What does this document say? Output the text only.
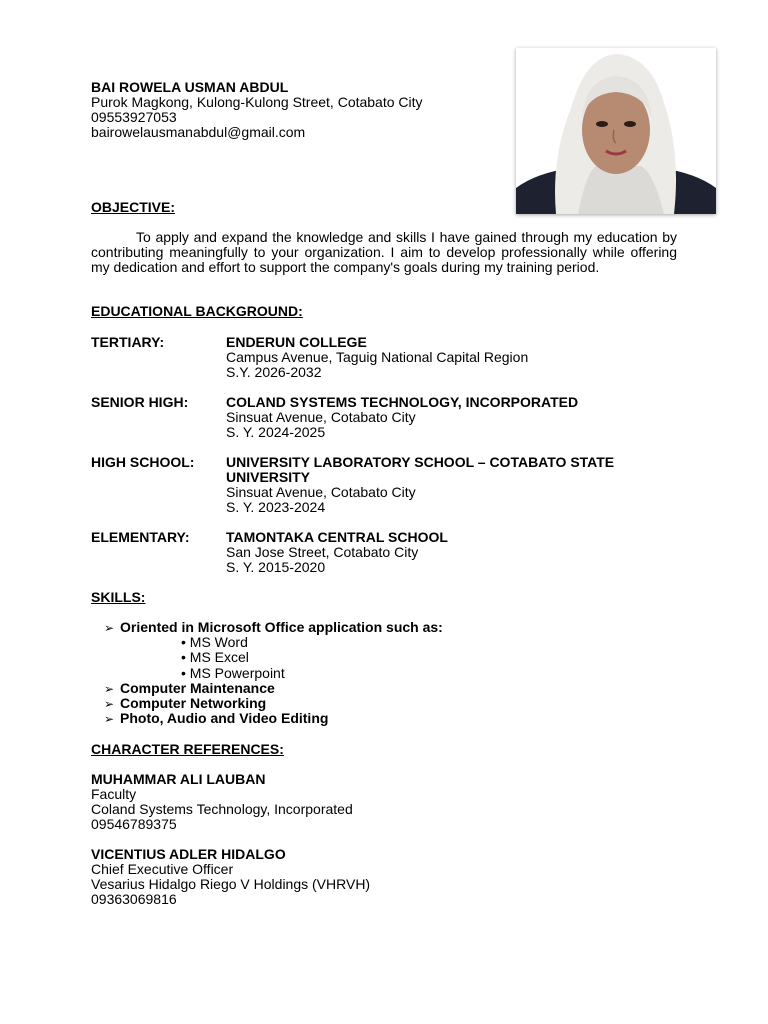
BAI ROWELA USMAN ABDUL
Purok Magkong, Kulong-Kulong Street, Cotabato City
09553927053
bairowelausmanabdul@gmail.com
OBJECTIVE:
To apply and expand the knowledge and skills I have gained through my education by contributing meaningfully to your organization. I aim to develop professionally while offering my dedication and effort to support the company's goals during my training period.
EDUCATIONAL BACKGROUND:
TERTIARY:	ENDERUN COLLEGE
Campus Avenue, Taguig National Capital Region
S.Y. 2026-2032
SENIOR HIGH:	COLAND SYSTEMS TECHNOLOGY, INCORPORATED
Sinsuat Avenue, Cotabato City
S. Y. 2024-2025
HIGH SCHOOL: UNIVERSITY LABORATORY SCHOOL – COTABATO STATE UNIVERSITY
Sinsuat Avenue, Cotabato City
S. Y. 2023-2024
ELEMENTARY:	TAMONTAKA CENTRAL SCHOOL
San Jose Street, Cotabato City
S. Y. 2015-2020
SKILLS:
➢ Oriented in Microsoft Office application such as:
• MS Word
• MS Excel
• MS Powerpoint
➢ Computer Maintenance
➢ Computer Networking
➢ Photo, Audio and Video Editing
CHARACTER REFERENCES:
MUHAMMAR ALI LAUBAN
Faculty
Coland Systems Technology, Incorporated
09546789375
VICENTIUS ADLER HIDALGO
Chief Executive Officer
Vesarius Hidalgo Riego V Holdings (VHRVH)
09363069816
